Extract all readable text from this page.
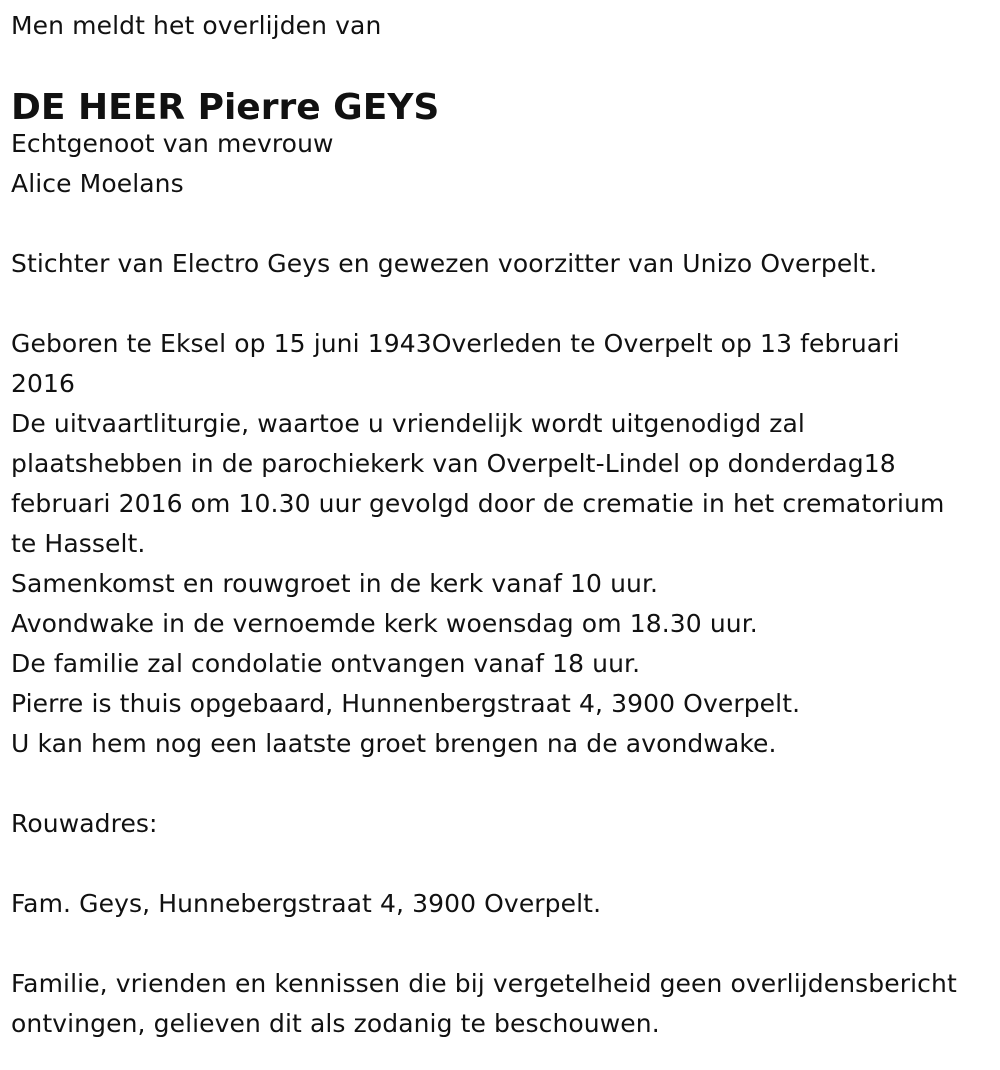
Men meldt het overlijden van

DE HEER Pierre GEYS

Echtgenoot van mevrouw

Alice Moelans

Stichter van Electro Geys en gewezen voorzitter van Unizo Overpelt.

Geboren te Eksel op 15 juni 1943Overleden te Overpelt op 13 februari 2016

De uitvaartliturgie, waartoe u vriendelijk wordt uitgenodigd zal plaatshebben in de parochiekerk van Overpelt-Lindel op donderdag18 februari 2016 om 10.30 uur gevolgd door de crematie in het crematorium te Hasselt.

Samenkomst en rouwgroet in de kerk vanaf 10 uur.

Avondwake in de vernoemde kerk woensdag om 18.30 uur.

De familie zal condolatie ontvangen vanaf 18 uur.

Pierre is thuis opgebaard, Hunnenbergstraat 4, 3900 Overpelt.

U kan hem nog een laatste groet brengen na de avondwake.

Rouwadres:

Fam. Geys, Hunnebergstraat 4, 3900 Overpelt.

Familie, vrienden en kennissen die bij vergetelheid geen overlijdensbericht ontvingen, gelieven dit als zodanig te beschouwen.
